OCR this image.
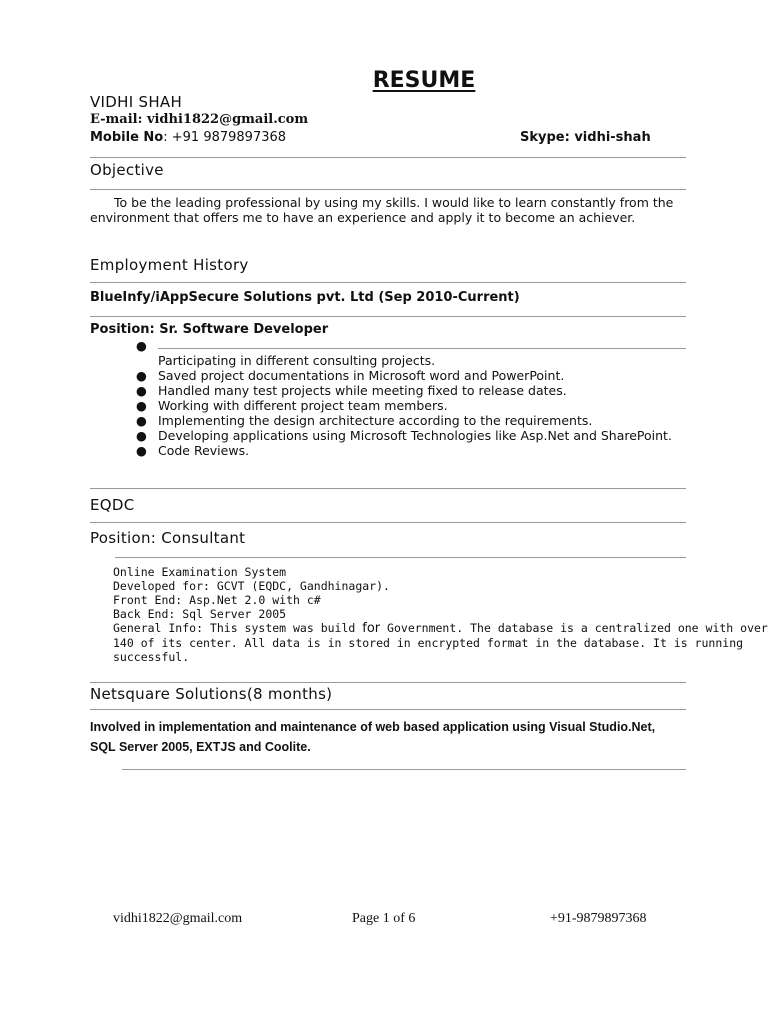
RESUME
VIDHI SHAH
E-mail: vidhi1822@gmail.com
Mobile No: +91 9879897368	Skype: vidhi-shah
Objective
To be the leading professional by using my skills. I would like to learn constantly from the environment that offers me to have an experience and apply it to become an achiever.
Employment History
BlueInfy/iAppSecure Solutions pvt. Ltd (Sep 2010-Current)
Position: Sr. Software Developer
●
Participating in different consulting projects.
● Saved project documentations in Microsoft word and PowerPoint.
● Handled many test projects while meeting fixed to release dates.
● Working with different project team members.
● Implementing the design architecture according to the requirements.
● Developing applications using Microsoft Technologies like Asp.Net and SharePoint.
● Code Reviews.
EQDC
Position: Consultant
Online Examination System
Developed for: GCVT (EQDC, Gandhinagar).
Front End: Asp.Net 2.0 with c#
Back End: Sql Server 2005
General Info: This system was build for Government. The database is a centralized one with over
140 of its center. All data is in stored in encrypted format in the database. It is running
successful.
Netsquare Solutions(8 months)
Involved in implementation and maintenance of web based application using Visual Studio.Net, SQL Server 2005, EXTJS and Coolite.
vidhi1822@gmail.com	Page 1 of 6	+91-9879897368
